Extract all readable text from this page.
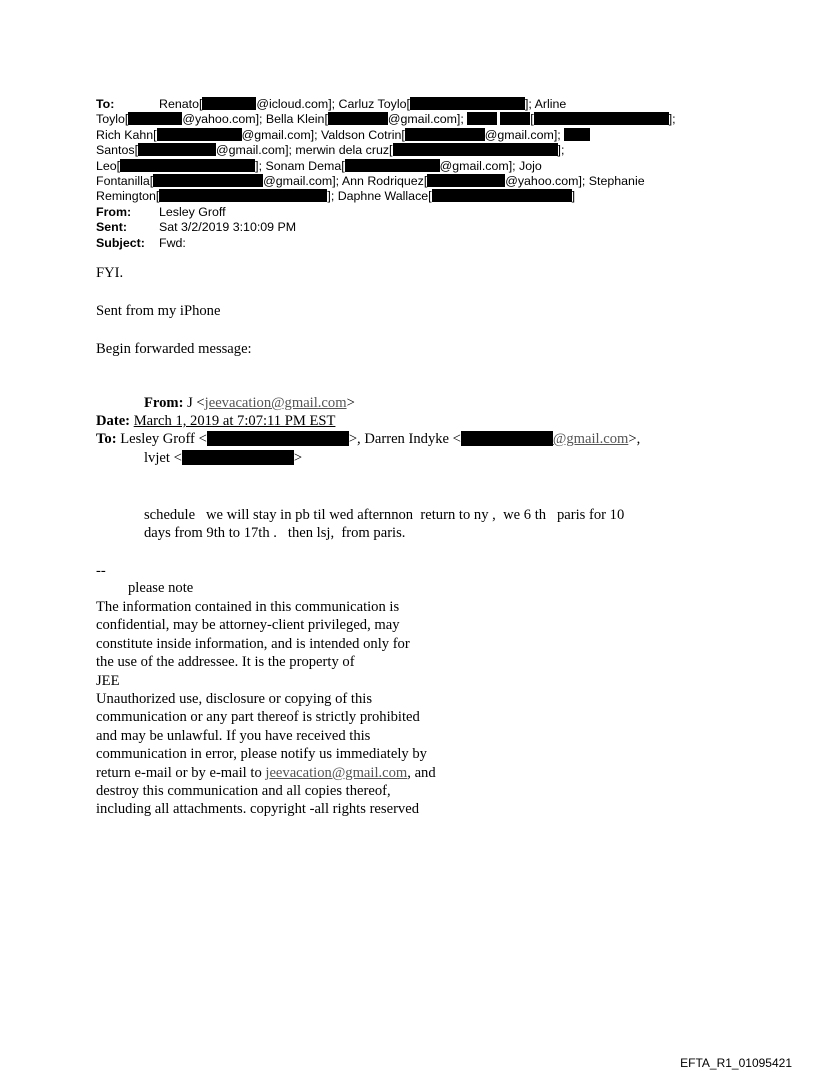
To:	Renato[	@icloud.com]; Carluz Toylo[	]; Arline
Toylo[	@yahoo.com]; Bella Klein[	@gmail.com];	[	];
Rich Kahn[	@gmail.com]; Valdson Cotrin[	@gmail.com];
Santos[	@gmail.com]; merwin dela cruz[	];
Leo[	]; Sonam Dema[	@gmail.com]; Jojo
Fontanilla[	@gmail.com]; Ann Rodriquez[	@yahoo.com]; Stephanie
Remington[	]; Daphne Wallace[	]
From: Lesley Groff
Sent:	Sat 3/2/2019 3:10:09 PM
Subject: Fwd:
FYI.
Sent from my iPhone
Begin forwarded message:
From: J <jeevacation@gmail.com>
Date: March 1, 2019 at 7:07:11 PM EST
To: Lesley Groff <	>, Darren Indyke <	@gmail.com>,
lvjet <	>
schedule   we will stay in pb til wed afternnon  return to ny ,  we 6 th   paris for 10
days from 9th to 17th .   then lsj,  from paris.
--
please note
The information contained in this communication is
confidential, may be attorney-client privileged, may
constitute inside information, and is intended only for
the use of the addressee. It is the property of
JEE
Unauthorized use, disclosure or copying of this
communication or any part thereof is strictly prohibited
and may be unlawful. If you have received this
communication in error, please notify us immediately by
return e-mail or by e-mail to jeevacation@gmail.com, and
destroy this communication and all copies thereof,
including all attachments. copyright -all rights reserved
EFTA_R1_01095421
